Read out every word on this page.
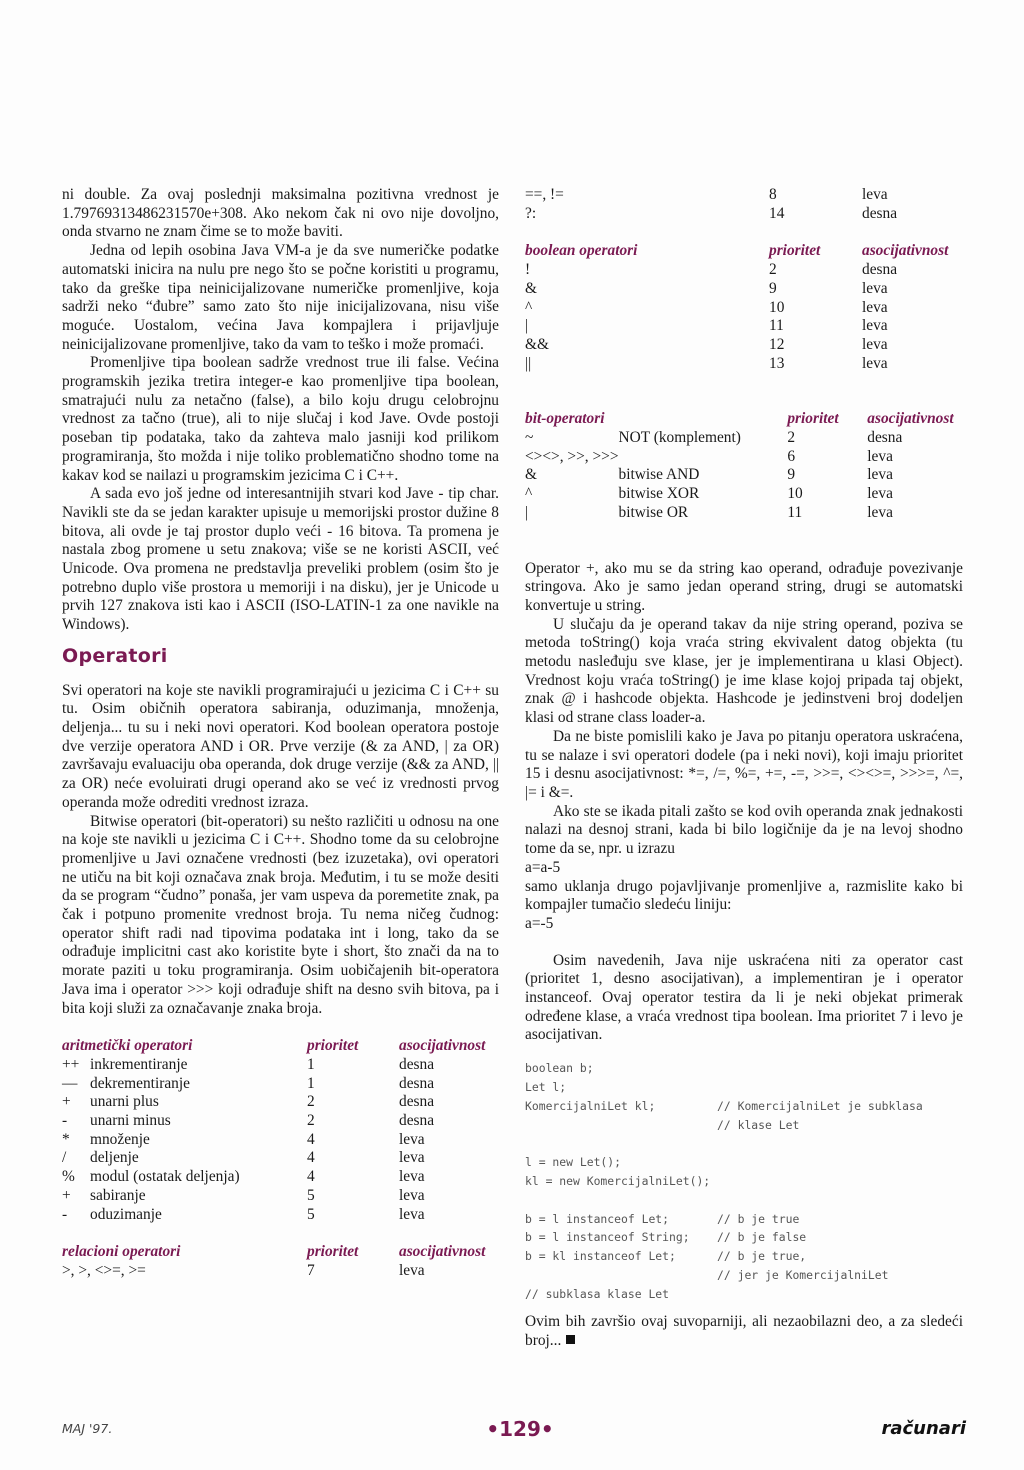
ni double. Za ovaj poslednji maksimalna pozitivna vrednost je 1.79769313486231570e+308. Ako nekom čak ni ovo nije dovoljno, onda stvarno ne znam čime se to može baviti.

Jedna od lepih osobina Java VM-a je da sve numeričke podatke automatski inicira na nulu pre nego što se počne koristiti u programu, tako da greške tipa neinicijalizovane numeričke promenljive, koja sadrži neko “đubre” samo zato što nije inicijalizovana, nisu više moguće. Uostalom, većina Java kompajlera i prijavljuje neinicijalizovane promenljive, tako da vam to teško i može promaći.

Promenljive tipa boolean sadrže vrednost true ili false. Većina programskih jezika tretira integer-e kao promenljive tipa boolean, smatrajući nulu za netačno (false), a bilo koju drugu celobrojnu vrednost za tačno (true), ali to nije slučaj i kod Jave. Ovde postoji poseban tip podataka, tako da zahteva malo jasniji kod prilikom programiranja, što možda i nije toliko problematično shodno tome na kakav kod se nailazi u programskim jezicima C i C++.

A sada evo još jedne od interesantnijih stvari kod Jave - tip char. Navikli ste da se jedan karakter upisuje u memorijski prostor dužine 8 bitova, ali ovde je taj prostor duplo veći - 16 bitova. Ta promena je nastala zbog promene u setu znakova; više se ne koristi ASCII, već Unicode. Ova promena ne predstavlja preveliki problem (osim što je potrebno duplo više prostora u memoriji i na disku), jer je Unicode u prvih 127 znakova isti kao i ASCII (ISO-LATIN-1 za one navikle na Windows).

Operatori

Svi operatori na koje ste navikli programirajući u jezicima C i C++ su tu. Osim običnih operatora sabiranja, oduzimanja, množenja, deljenja... tu su i neki novi operatori. Kod boolean operatora postoje dve verzije operatora AND i OR. Prve verzije (& za AND, | za OR) završavaju evaluaciju oba operanda, dok druge verzije (&& za AND, || za OR) neće evoluirati drugi operand ako se već iz vrednosti prvog operanda može odrediti vrednost izraza.

Bitwise operatori (bit-operatori) su nešto različiti u odnosu na one na koje ste navikli u jezicima C i C++. Shodno tome da su celobrojne promenljive u Javi označene vrednosti (bez izuzetaka), ovi operatori ne utiču na bit koji označava znak broja. Međutim, i tu se može desiti da se program “čudno” ponaša, jer vam uspeva da poremetite znak, pa čak i potpuno promenite vrednost broja. Tu nema ničeg čudnog: operator shift radi nad tipovima podataka int i long, tako da se odrađuje implicitni cast ako koristite byte i short, što znači da na to morate paziti u toku programiranja. Osim uobičajenih bit-operatora Java ima i operator >>> koji odrađuje shift na desno svih bitova, pa i bita koji služi za označavanje znaka broja.

aritmetički operatori		prioritet	asocijativnost
++	inkrementiranje	1	desna
—	dekrementiranje	1	desna
+	unarni plus	2	desna
-	unarni minus	2	desna
*	množenje	4	leva
/	deljenje	4	leva
%	modul (ostatak deljenja)	4	leva
+	sabiranje	5	leva
-	oduzimanje	5	leva
relacioni operatori	prioritet	asocijativnost
>, >, <>=, >=	7	leva
==, !=	8	leva
?:	14	desna
boolean operatori	prioritet	asocijativnost
!	2	desna
&	9	leva
^	10	leva
|	11	leva
&&	12	leva
||	13	leva
bit-operatori		prioritet	asocijativnost
~	NOT (komplement)	2	desna
<><>, >>, >>>		6	leva
&	bitwise AND	9	leva
^	bitwise XOR	10	leva
|	bitwise OR	11	leva

Operator +, ako mu se da string kao operand, odrađuje povezivanje stringova. Ako je samo jedan operand string, drugi se automatski konvertuje u string.

U slučaju da je operand takav da nije string operand, poziva se metoda toString() koja vraća string ekvivalent datog objekta (tu metodu nasleđuju sve klase, jer je implementirana u klasi Object). Vrednost koju vraća toString() je ime klase kojoj pripada taj objekt, znak @ i hashcode objekta. Hashcode je jedinstveni broj dodeljen klasi od strane class loader-a.

Da ne biste pomislili kako je Java po pitanju operatora uskraćena, tu se nalaze i svi operatori dodele (pa i neki novi), koji imaju prioritet 15 i desnu asocijativnost: *=, /=, %=, +=, -=, >>=, <><>=, >>>=, ^=, |= i &=.

Ako ste se ikada pitali zašto se kod ovih operanda znak jednakosti nalazi na desnoj strani, kada bi bilo logičnije da je na levoj shodno tome da se, npr. u izrazu

a=a-5

samo uklanja drugo pojavljivanje promenljive a, razmislite kako bi kompajler tumačio sledeću liniju:

a=-5

Osim navedenih, Java nije uskraćena niti za operator cast (prioritet 1, desno asocijativan), a implementiran je i operator instanceof. Ovaj operator testira da li je neki objekat primerak određene klase, a vraća vrednost tipa boolean. Ima prioritet 7 i levo je asocijativan.

boolean b;
Let l;
KomercijalniLet kl;         // KomercijalniLet je subklasa
// klase Let
l = new Let();
kl = new KomercijalniLet();
b = l instanceof Let;       // b je true
b = l instanceof String;    // b je false
b = kl instanceof Let;      // b je true,
// jer je KomercijalniLet
// subklasa klase Let

Ovim bih završio ovaj suvoparniji, ali nezaobilazni deo, a za sledeći broj...

MAJ '97.	•129•	računari
